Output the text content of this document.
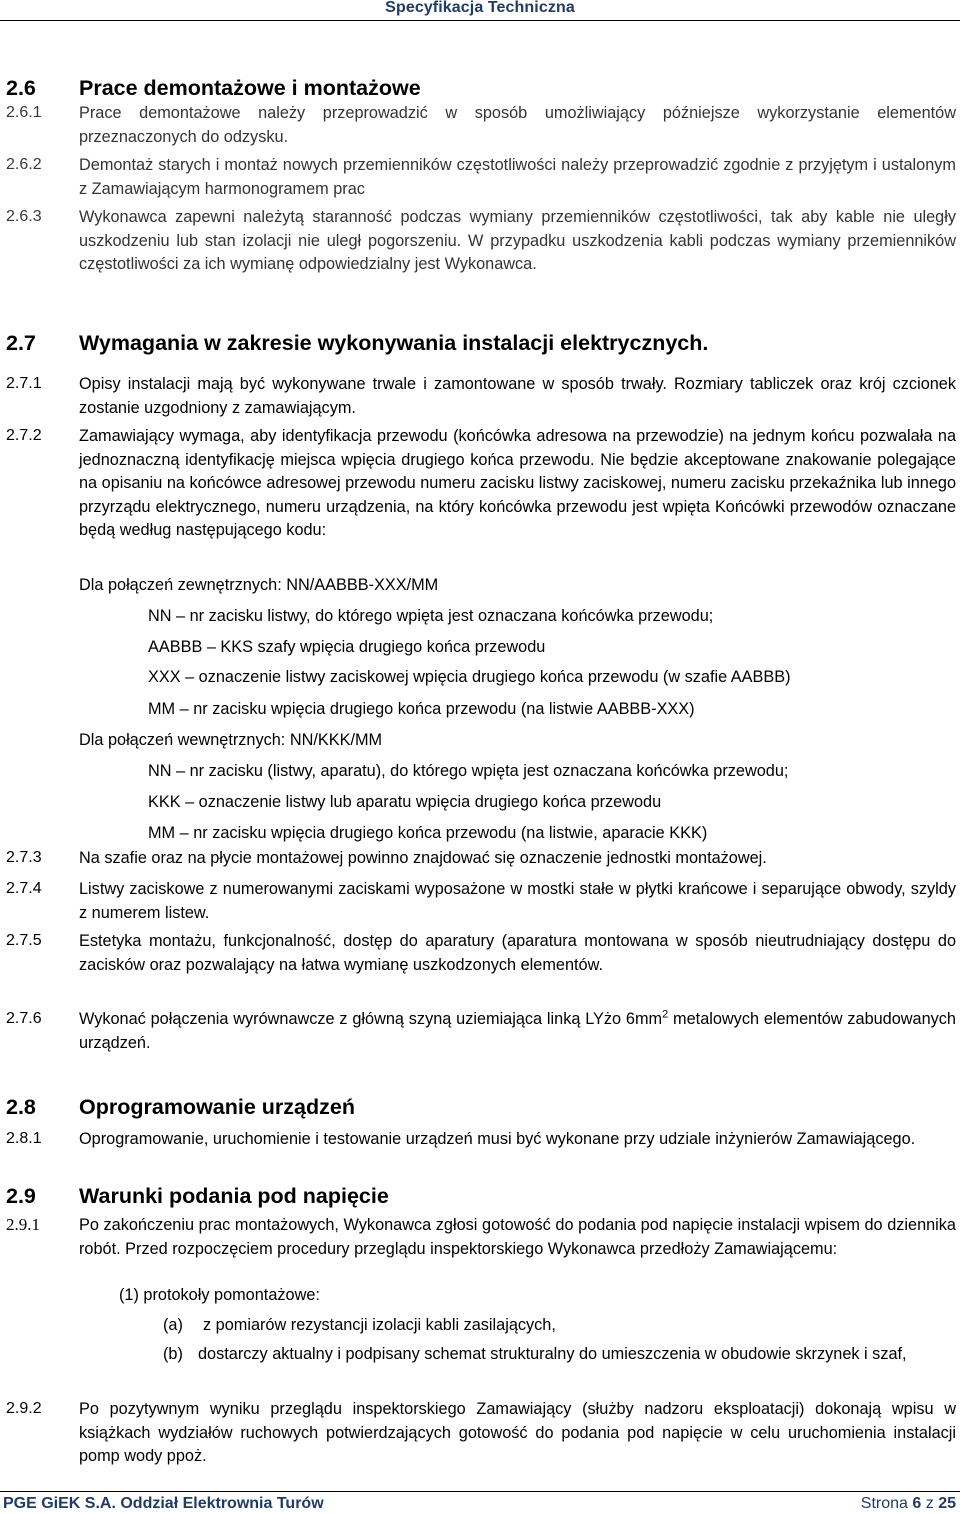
Specyfikacja Techniczna
2.6 Prace demontażowe i montażowe
2.6.1 Prace demontażowe należy przeprowadzić w sposób umożliwiający późniejsze wykorzystanie elementów przeznaczonych do odzysku.
2.6.2 Demontaż starych i montaż nowych przemienników częstotliwości należy przeprowadzić zgodnie z przyjętym i ustalonym z Zamawiającym harmonogramem prac
2.6.3 Wykonawca zapewni należytą staranność podczas wymiany przemienników częstotliwości, tak aby kable nie uległy uszkodzeniu lub stan izolacji nie uległ pogorszeniu. W przypadku uszkodzenia kabli podczas wymiany przemienników częstotliwości za ich wymianę odpowiedzialny jest Wykonawca.
2.7 Wymagania w zakresie wykonywania instalacji elektrycznych.
2.7.1 Opisy instalacji mają być wykonywane trwale i zamontowane w sposób trwały. Rozmiary tabliczek oraz krój czcionek zostanie uzgodniony z zamawiającym.
2.7.2 Zamawiający wymaga, aby identyfikacja przewodu (końcówka adresowa na przewodzie) na jednym końcu pozwalała na jednoznaczną identyfikację miejsca wpięcia drugiego końca przewodu. Nie będzie akceptowane znakowanie polegające na opisaniu na końcówce adresowej przewodu numeru zacisku listwy zaciskowej, numeru zacisku przekaźnika lub innego przyrządu elektrycznego, numeru urządzenia, na który końcówka przewodu jest wpięta Końcówki przewodów oznaczane będą według następującego kodu:
Dla połączeń zewnętrznych: NN/AABBB-XXX/MM
NN – nr zacisku listwy, do którego wpięta jest oznaczana końcówka przewodu;
AABBB – KKS szafy wpięcia drugiego końca przewodu
XXX – oznaczenie listwy zaciskowej wpięcia drugiego końca przewodu (w szafie AABBB)
MM – nr zacisku wpięcia drugiego końca przewodu (na listwie AABBB-XXX)
Dla połączeń wewnętrznych: NN/KKK/MM
NN – nr zacisku (listwy, aparatu), do którego wpięta jest oznaczana końcówka przewodu;
KKK – oznaczenie listwy lub aparatu wpięcia drugiego końca przewodu
MM – nr zacisku wpięcia drugiego końca przewodu (na listwie, aparacie KKK)
2.7.3 Na szafie oraz na płycie montażowej powinno znajdować się oznaczenie jednostki montażowej.
2.7.4 Listwy zaciskowe z numerowanymi zaciskami wyposażone w mostki stałe w płytki krańcowe i separujące obwody, szyldy z numerem listew.
2.7.5 Estetyka montażu, funkcjonalność, dostęp do aparatury (aparatura montowana w sposób nieutrudniający dostępu do zacisków oraz pozwalający na łatwa wymianę uszkodzonych elementów.
2.7.6 Wykonać połączenia wyrównawcze z główną szyną uziemiająca linką LYżo $6mm^2$ metalowych elementów zabudowanych urządzeń.
2.8 Oprogramowanie urządzeń
2.8.1 Oprogramowanie, uruchomienie i testowanie urządzeń musi być wykonane przy udziale inżynierów Zamawiającego.
2.9 Warunki podania pod napięcie
2.9.1 Po zakończeniu prac montażowych, Wykonawca zgłosi gotowość do podania pod napięcie instalacji wpisem do dziennika robót. Przed rozpoczęciem procedury przeglądu inspektorskiego Wykonawca przedłoży Zamawiającemu:
(1) protokoły pomontażowe:
(a) z pomiarów rezystancji izolacji kabli zasilających,
(b) dostarczy aktualny i podpisany schemat strukturalny do umieszczenia w obudowie skrzynek i szaf,
2.9.2 Po pozytywnym wyniku przeglądu inspektorskiego Zamawiający (służby nadzoru eksploatacji) dokonają wpisu w książkach wydziałów ruchowych potwierdzających gotowość do podania pod napięcie w celu uruchomienia instalacji pomp wody ppoż.
PGE GiEK S.A. Oddział Elektrownia Turów	Strona 6 z 25
